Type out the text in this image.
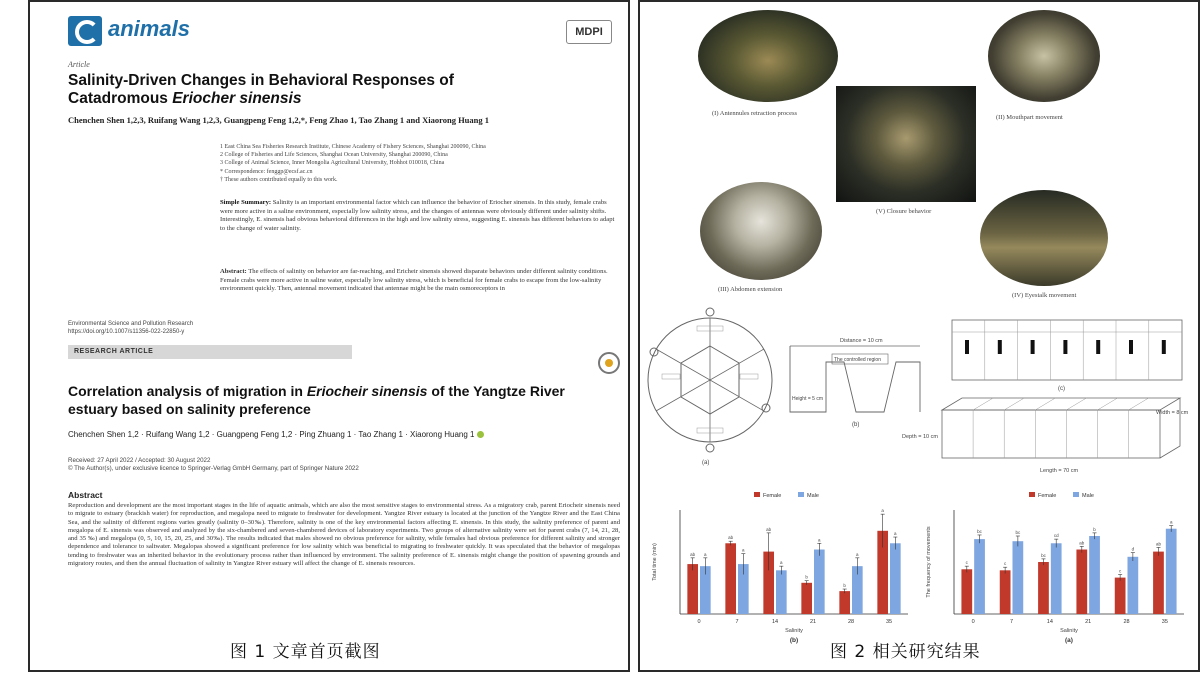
animals	MDPI
Article
Salinity-Driven Changes in Behavioral Responses of
Catadromous Eriocher sinensis
Chenchen Shen 1,2,3, Ruifang Wang 1,2,3, Guangpeng Feng 1,2,*, Feng Zhao 1, Tao Zhang 1 and Xiaorong Huang 1
1 East China Sea Fisheries Research Institute, Chinese Academy of Fishery Sciences, Shanghai 200090, China
2 College of Fisheries and Life Sciences, Shanghai Ocean University, Shanghai 200090, China
3 College of Animal Science, Inner Mongolia Agricultural University, Hohhot 010018, China
* Correspondence: fenggp@ecsf.ac.cn
† These authors contributed equally to this work.
Simple Summary: Salinity is an important environmental factor which can influence the behavior of Eriocher sinensis. In this study, female crabs were more active in a saline environment, especially low salinity stress, and the changes of antennas were obviously different under salinity shifts. Interestingly, E. sinensis had obvious behavioral differences in the high and low salinity stress, suggesting E. sinensis has different behaviors to adapt to the change of water salinity.
Abstract: The effects of salinity on behavior are far-reaching, and Ericheir sinensis showed disparate behaviors under different salinity conditions. Female crabs were more active in saline water, especially low salinity stress, which is beneficial for female crabs to escape from the low-salinity environment quickly. Then, antennal movement indicated that antennae might be the main osmoreceptors in
Environmental Science and Pollution Research
https://doi.org/10.1007/s11356-022-22850-y
RESEARCH ARTICLE
Correlation analysis of migration in Eriocheir sinensis of the Yangtze River estuary based on salinity preference
Chenchen Shen 1,2 · Ruifang Wang 1,2 · Guangpeng Feng 1,2 · Ping Zhuang 1 · Tao Zhang 1 · Xiaorong Huang 1
Received: 27 April 2022 / Accepted: 30 August 2022
© The Author(s), under exclusive licence to Springer-Verlag GmbH Germany, part of Springer Nature 2022
Abstract
Reproduction and development are the most important stages in the life of aquatic animals, which are also the most sensitive stages to environmental stress. As a migratory crab, parent Eriocheir sinensis need to migrate to estuary (brackish water) for reproduction, and megalopa need to migrate to freshwater for development. Yangtze River estuary is located at the junction of the Yangtze River and the East China Sea, and the salinity of different regions varies greatly (salinity 0–30‰). Therefore, salinity is one of the key environmental factors affecting E. sinensis. In this study, the salinity preference of parent and megalopa of E. sinensis was observed and analyzed by the six-chambered and seven-chambered devices of laboratory experiments. Two groups of alternative salinity were set for parent crabs (7, 14, 21, 28, and 35 ‰) and megalopa (0, 5, 10, 15, 20, 25, and 30‰). The results indicated that males showed no obvious preference for salinity, while females had obvious preference for different salinity and stronger dependence and tolerance to saltwater. Megalopas showed a significant preference for low salinity which was beneficial to migrating to freshwater quickly. It was speculated that the behavior of megalopas tending to freshwater was an inherited behavior in the evolutionary process rather than influenced by environment. The salinity preference of E. sinensis might change the position of spawning grounds and migratory routes, and then the annual fluctuation of salinity in Yangtze River estuary will affect the change of E. sinensis resources.
图 1 文章首页截图
(I) Antennules retraction process
(II) Mouthpart movement
(V) Closure behavior
(III) Abdomen extension
(IV) Eyestalk movement
(a)
Distance = 10 cm
The controlled region
Height = 5 cm
(b)
(c)
Width = 8 cm
Depth = 10 cm
Length = 70 cm
Total time (min)
Female	Male
ab a
0
ab
a
7
ab
a
14
b
a
21
b
a
28
a
a
35
Salinity
(b)
The frequency of movements
Female	Male
c
bc
0
c
bc
7
bc
cd
14
ab
b
21
c
d
28
ab
a
35
Salinity
(a)
图 2 相关研究结果
